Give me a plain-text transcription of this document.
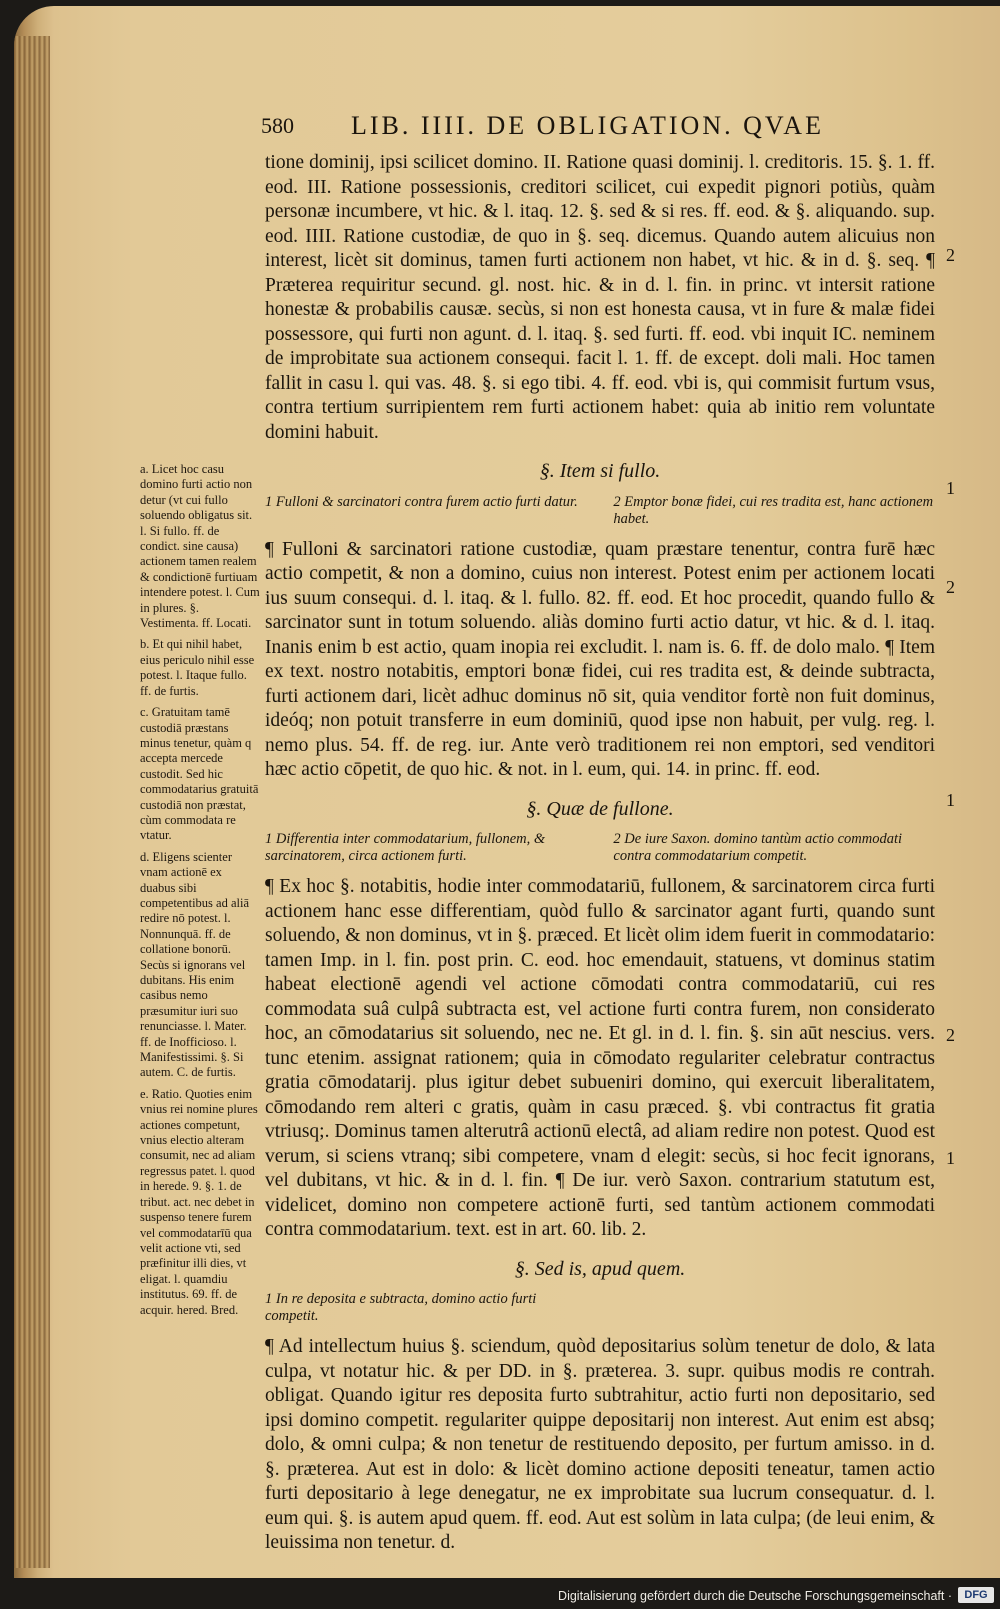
580 LIB. IIII. DE OBLIGATION. QVAE

tione dominij, ipsi scilicet domino. II. Ratione quasi dominij. l. creditoris. 15. §. 1. ff. eod. III. Ratione possessionis, creditori scilicet, cui expedit pignori potiùs, quàm personæ incumbere, vt hic. & l. itaq. 12. §. sed & si res. ff. eod. & §. aliquando. sup. eod. IIII. Ratione custodiæ, de quo in §. seq. dicemus. Quando autem alicuius non interest, licèt sit dominus, tamen furti actionem non habet, vt hic. & in d. §. seq. ¶ Præterea requiritur secund. gl. nost. hic. & in d. l. fin. in princ. vt intersit ratione honestæ & probabilis causæ. secùs, si non est honesta causa, vt in fure & malæ fidei possessore, qui furti non agunt. d. l. itaq. §. sed furti. ff. eod. vbi inquit IC. neminem de improbitate sua actionem consequi. facit l. 1. ff. de except. doli mali. Hoc tamen fallit in casu l. qui vas. 48. §. si ego tibi. 4. ff. eod. vbi is, qui commisit furtum vsus, contra tertium surripientem rem furti actionem habet: quia ab initio rem voluntate domini habuit.

§. Item si fullo.
1 Fulloni & sarcinatori contra furem actio furti datur.	2 Emptor bonæ fidei, cui res tradita est, hanc actionem habet.

¶ Fulloni & sarcinatori ratione custodiæ, quam præstare tenentur, contra furē hæc actio competit, & non a domino, cuius non interest. Potest enim per actionem locati ius suum consequi. d. l. itaq. & l. fullo. 82. ff. eod. Et hoc procedit, quando fullo & sarcinator sunt in totum soluendo. aliàs domino furti actio datur, vt hic. & d. l. itaq. Inanis enim b est actio, quam inopia rei excludit. l. nam is. 6. ff. de dolo malo. ¶ Item ex text. nostro notabitis, emptori bonæ fidei, cui res tradita est, & deinde subtracta, furti actionem dari, licèt adhuc dominus nō sit, quia venditor fortè non fuit dominus, ideóq; non potuit transferre in eum dominiū, quod ipse non habuit, per vulg. reg. l. nemo plus. 54. ff. de reg. iur. Ante verò traditionem rei non emptori, sed venditori hæc actio cōpetit, de quo hic. & not. in l. eum, qui. 14. in princ. ff. eod.

§. Quæ de fullone.
1 Differentia inter commodatarium, fullonem, & sarcinatorem, circa actionem furti.
2 De iure Saxon. domino tantùm actio commodati contra commodatarium competit.

¶ Ex hoc §. notabitis, hodie inter commodatariū, fullonem, & sarcinatorem circa furti actionem hanc esse differentiam, quòd fullo & sarcinator agant furti, quando sunt soluendo, & non dominus, vt in §. præced. Et licèt olim idem fuerit in commodatario: tamen Imp. in l. fin. post prin. C. eod. hoc emendauit, statuens, vt dominus statim habeat electionē agendi vel actione cōmodati contra commodatariū, cui res commodata suâ culpâ subtracta est, vel actione furti contra furem, non considerato hoc, an cōmodatarius sit soluendo, nec ne. Et gl. in d. l. fin. §. sin aūt nescius. vers. tunc etenim. assignat rationem; quia in cōmodato regulariter celebratur contractus gratia cōmodatarij. plus igitur debet subueniri domino, qui exercuit liberalitatem, cōmodando rem alteri c gratis, quàm in casu præced. §. vbi contractus fit gratia vtriusq;. Dominus tamen alterutrâ actionū electâ, ad aliam redire non potest. Quod est verum, si sciens vtranq; sibi competere, vnam d elegit: secùs, si hoc fecit ignorans, vel dubitans, vt hic. & in d. l. fin. ¶ De iur. verò Saxon. contrarium statutum est, videlicet, domino non competere actionē furti, sed tantùm actionem commodati contra commodatarium. text. est in art. 60. lib. 2.

§. Sed is, apud quem.
1 In re deposita e subtracta, domino actio furti competit.

¶ Ad intellectum huius §. sciendum, quòd depositarius solùm tenetur de dolo, & lata culpa, vt notatur hic. & per DD. in §. præterea. 3. supr. quibus modis re contrah. obligat. Quando igitur res deposita furto subtrahitur, actio furti non depositario, sed ipsi domino competit. regulariter quippe depositarij non interest. Aut enim est absq; dolo, & omni culpa; & non tenetur de restituendo deposito, per furtum amisso. in d. §. præterea. Aut est in dolo: & licèt domino actione depositi teneatur, tamen actio furti depositario à lege denegatur, ne ex improbitate sua lucrum consequatur. d. l. eum qui. §. is autem apud quem. ff. eod. Aut est solùm in lata culpa; (de leui enim, & leuissima non tenetur. d.

a. Licet hoc casu domino furti actio non detur (vt cui fullo soluendo obligatus sit. l. Si fullo. ff. de condict. sine causa) actionem tamen realem & condictionē furtiuam intendere potest. l. Cum in plures. §. Vestimenta. ff. Locati.

b. Et qui nihil habet, eius periculo nihil esse potest. l. Itaque fullo. ff. de furtis.

c. Gratuitam tamē custodiā præstans minus tenetur, quàm q accepta mercede custodit. Sed hic commodatarius gratuitā custodiā non præstat, cùm commodata re vtatur.

d. Eligens scienter vnam actionē ex duabus sibi competentibus ad aliā redire nō potest. l. Nonnunquā. ff. de collatione bonorū. Secùs si ignorans vel dubitans. His enim casibus nemo præsumitur iuri suo renunciasse. l. Mater. ff. de Inofficioso. l. Manifestissimi. §. Si autem. C. de furtis.

e. Ratio. Quoties enim vnius rei nomine plures actiones competunt, vnius electio alteram consumit, nec ad aliam regressus patet. l. quod in herede. 9. §. 1. de tribut. act. nec debet in suspenso tenere furem vel commodatarīū qua velit actione vti, sed præfinitur illi dies, vt eligat. l. quamdiu institutus. 69. ff. de acquir. hered. Bred.

2
1
2
1
2
1
Digitalisierung gefördert durch die Deutsche Forschungsgemeinschaft ·	DFG
